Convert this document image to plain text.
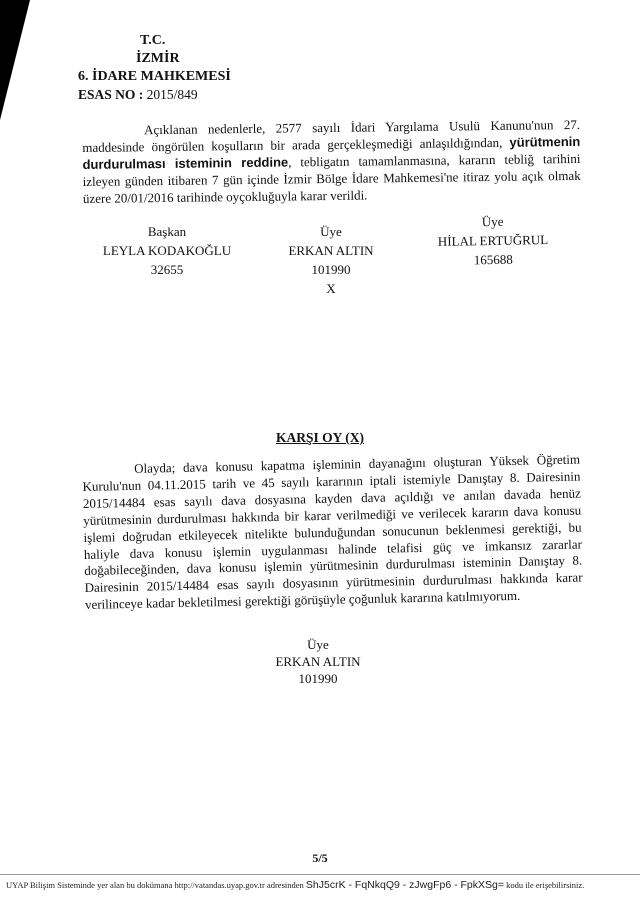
T.C.
İZMİR
6. İDARE MAHKEMESİ
ESAS NO : 2015/849

Açıklanan nedenlerle, 2577 sayılı İdari Yargılama Usulü Kanunu'nun 27. maddesinde öngörülen koşulların bir arada gerçekleşmediği anlaşıldığından, yürütmenin durdurulması isteminin reddine, tebligatın tamamlanmasına, kararın tebliğ tarihini izleyen günden itibaren 7 gün içinde İzmir Bölge İdare Mahkemesi'ne itiraz yolu açık olmak üzere 20/01/2016 tarihinde oyçokluğuyla karar verildi.

Başkan
LEYLA KODAKOĞLU
32655
Üye
ERKAN ALTIN
101990
X
Üye
HİLAL ERTUĞRUL
165688
KARŞI OY (X)

Olayda; dava konusu kapatma işleminin dayanağını oluşturan Yüksek Öğretim Kurulu'nun 04.11.2015 tarih ve 45 sayılı kararının iptali istemiyle Danıştay 8. Dairesinin 2015/14484 esas sayılı dava dosyasına kayden dava açıldığı ve anılan davada henüz yürütmesinin durdurulması hakkında bir karar verilmediği ve verilecek kararın dava konusu işlemi doğrudan etkileyecek nitelikte bulunduğundan sonucunun beklenmesi gerektiği, bu haliyle dava konusu işlemin uygulanması halinde telafisi güç ve imkansız zararlar doğabileceğinden, dava konusu işlemin yürütmesinin durdurulması isteminin Danıştay 8. Dairesinin 2015/14484 esas sayılı dosyasının yürütmesinin durdurulması hakkında karar verilinceye kadar bekletilmesi gerektiği görüşüyle çoğunluk kararına katılmıyorum.

Üye
ERKAN ALTIN
101990
5/5
UYAP Bilişim Sisteminde yer alan bu dokümana http://vatandas.uyap.gov.tr adresinden ShJ5crK - FqNkqQ9 - zJwgFp6 - FpkXSg= kodu ile erişebilirsiniz.
